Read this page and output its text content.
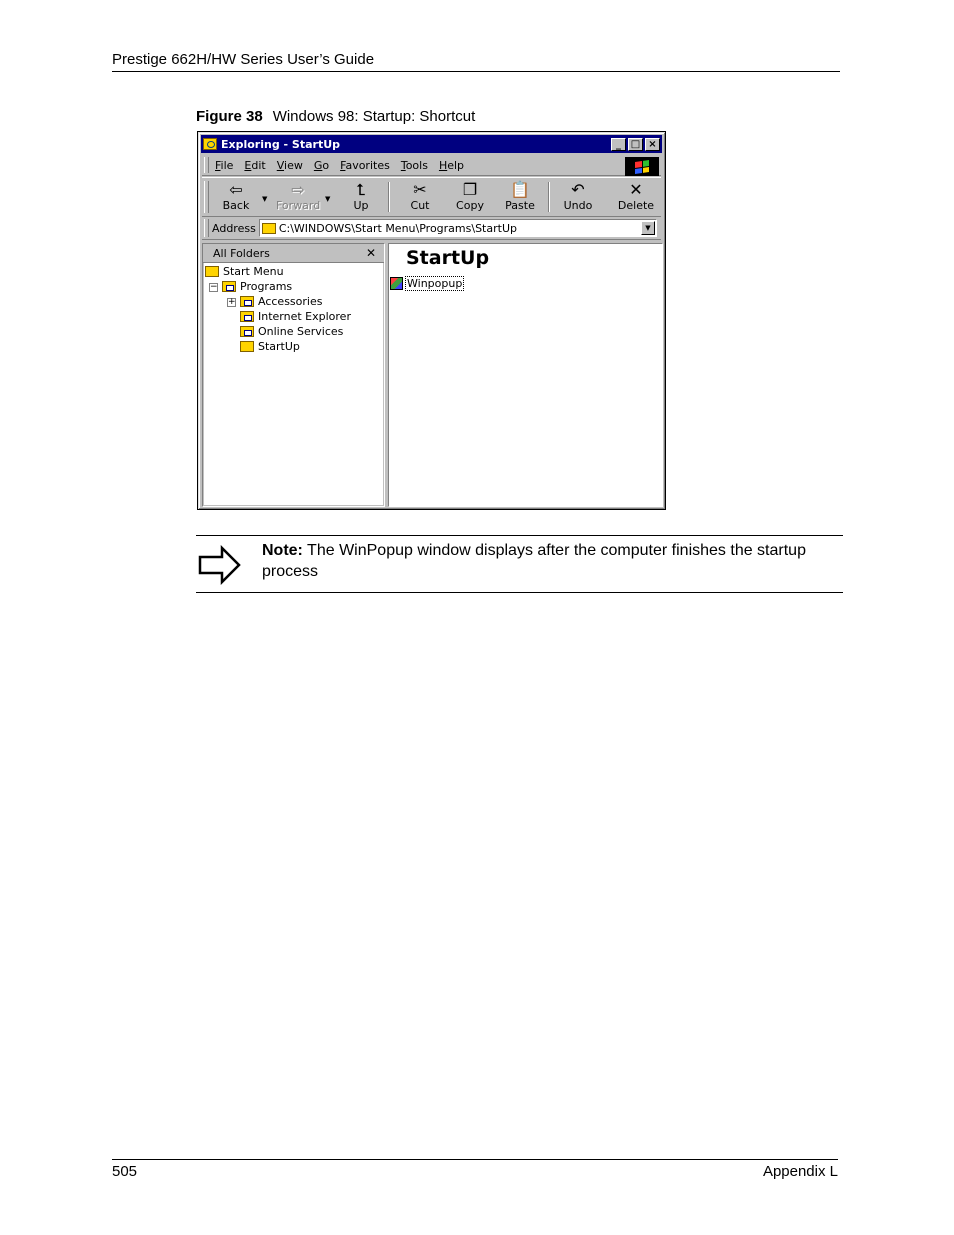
Prestige 662H/HW Series User’s Guide
Figure 38 Windows 98: Startup: Shortcut
Exploring - StartUp	_ □ ×
File Edit View Go Favorites Tools Help
⇦
Back	▼	⇨
Forward ▼	⮤
Up
✂
Cut
❐
Copy
📋
Paste
↶
Undo
✕
Delete
Address C:\WINDOWS\Start Menu\Programs\StartUp	▼
All Folders	✕
Start Menu
− Programs
+ Accessories
Internet Explorer
Online Services
StartUp
StartUp
Winpopup
Note: The WinPopup window displays after the computer finishes the startup process
505	Appendix L
